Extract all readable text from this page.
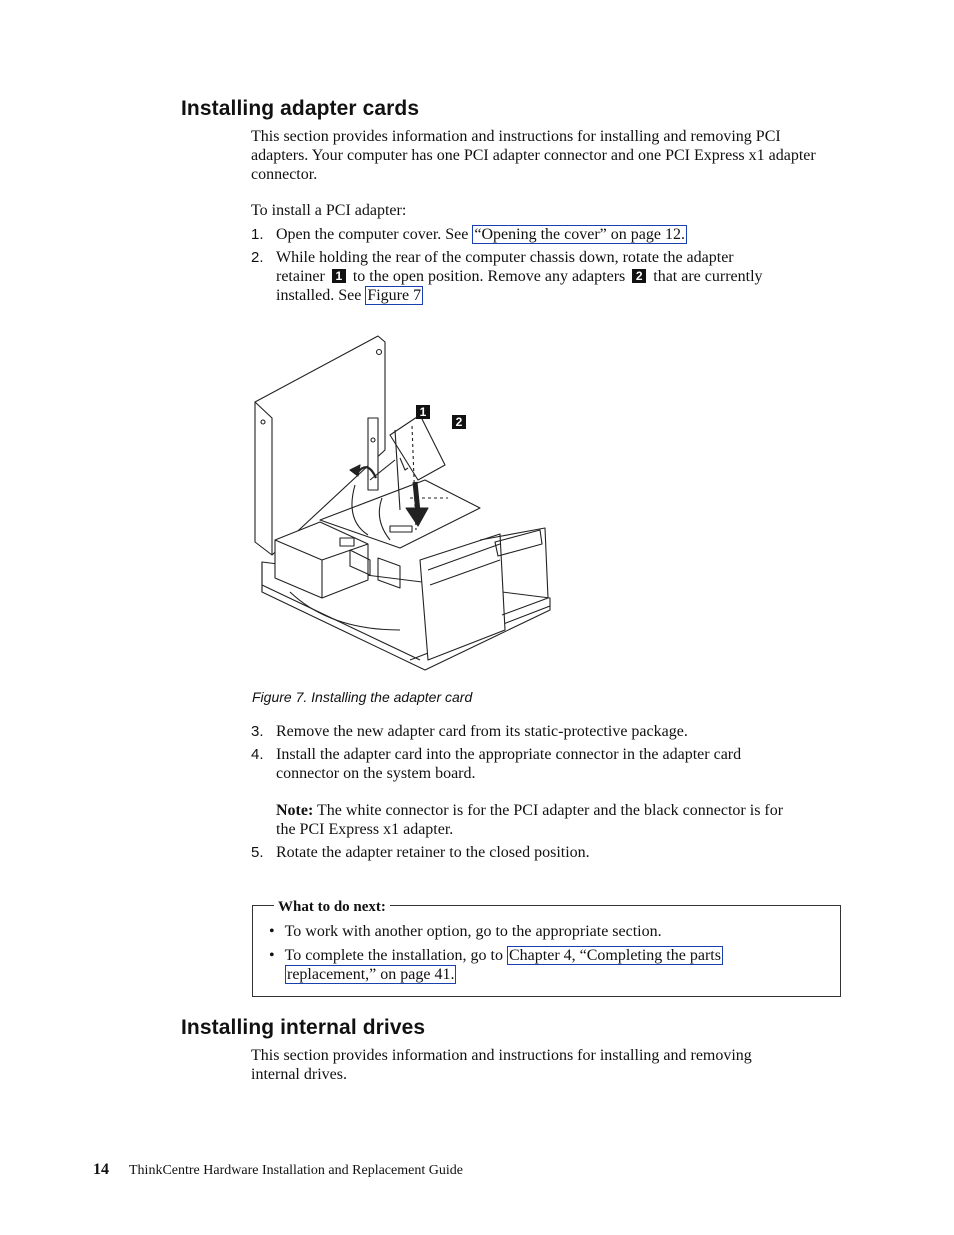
Installing adapter cards

This section provides information and instructions for installing and removing PCI adapters. Your computer has one PCI adapter connector and one PCI Express x1 adapter connector.

To install a PCI adapter:

1. Open the computer cover. See “Opening the cover” on page 12.
2. While holding the rear of the computer chassis down, rotate the adapter
retainer 1 to the open position. Remove any adapters 2 that are currently
installed. See Figure 7
1
2
Figure 7. Installing the adapter card
3. Remove the new adapter card from its static-protective package.
4. Install the adapter card into the appropriate connector in the adapter card
connector on the system board.
Note: The white connector is for the PCI adapter and the black connector is for
the PCI Express x1 adapter.
5. Rotate the adapter retainer to the closed position.
What to do next:
• To work with another option, go to the appropriate section.
• To complete the installation, go to Chapter 4, “Completing the parts
replacement,” on page 41.
Installing internal drives
This section provides information and instructions for installing and removing
internal drives.
14 ThinkCentre Hardware Installation and Replacement Guide
